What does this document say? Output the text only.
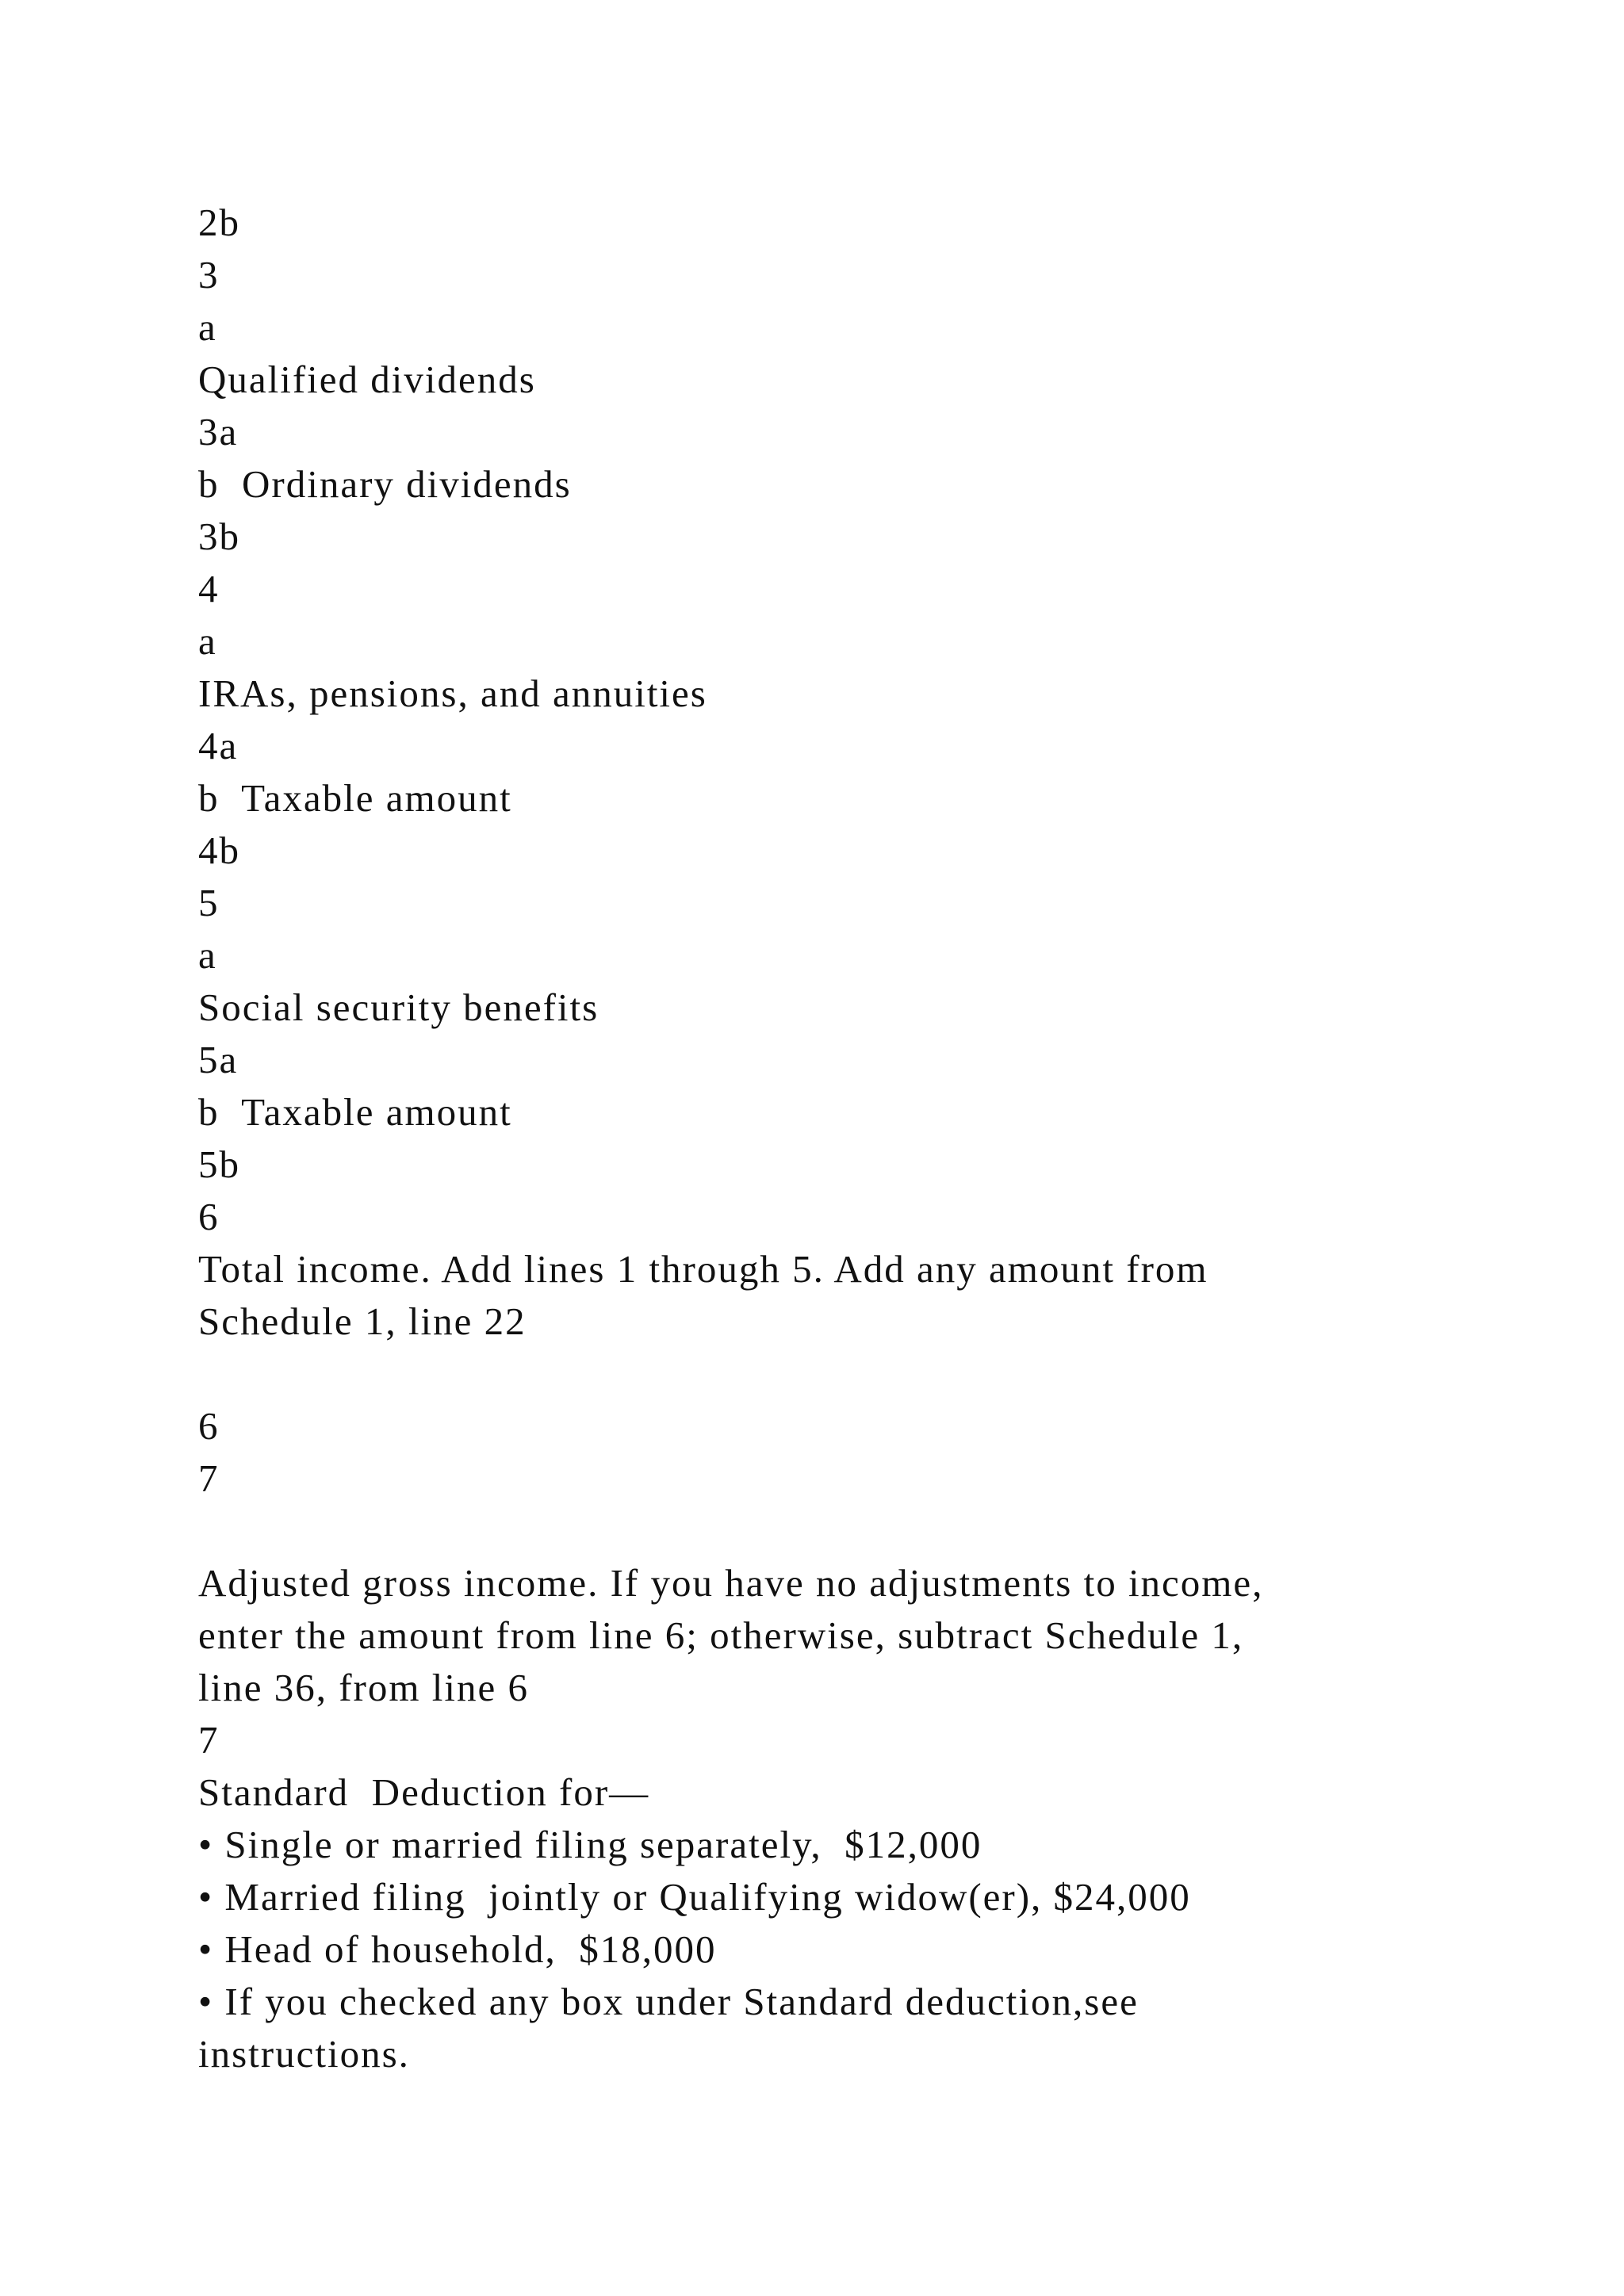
2b
3
a
Qualified dividends
3a
b  Ordinary dividends
3b
4
a
IRAs, pensions, and annuities
4a
b  Taxable amount
4b
5
a
Social security benefits
5a
b  Taxable amount
5b
6
Total income. Add lines 1 through 5. Add any amount from
Schedule 1, line 22
6
7
Adjusted gross income. If you have no adjustments to income,
enter the amount from line 6; otherwise, subtract Schedule 1,
line 36, from line 6
7
Standard  Deduction for—
• Single or married filing separately,  $12,000
• Married filing  jointly or Qualifying widow(er), $24,000
• Head of household,  $18,000
• If you checked any box under Standard deduction,see
instructions.
